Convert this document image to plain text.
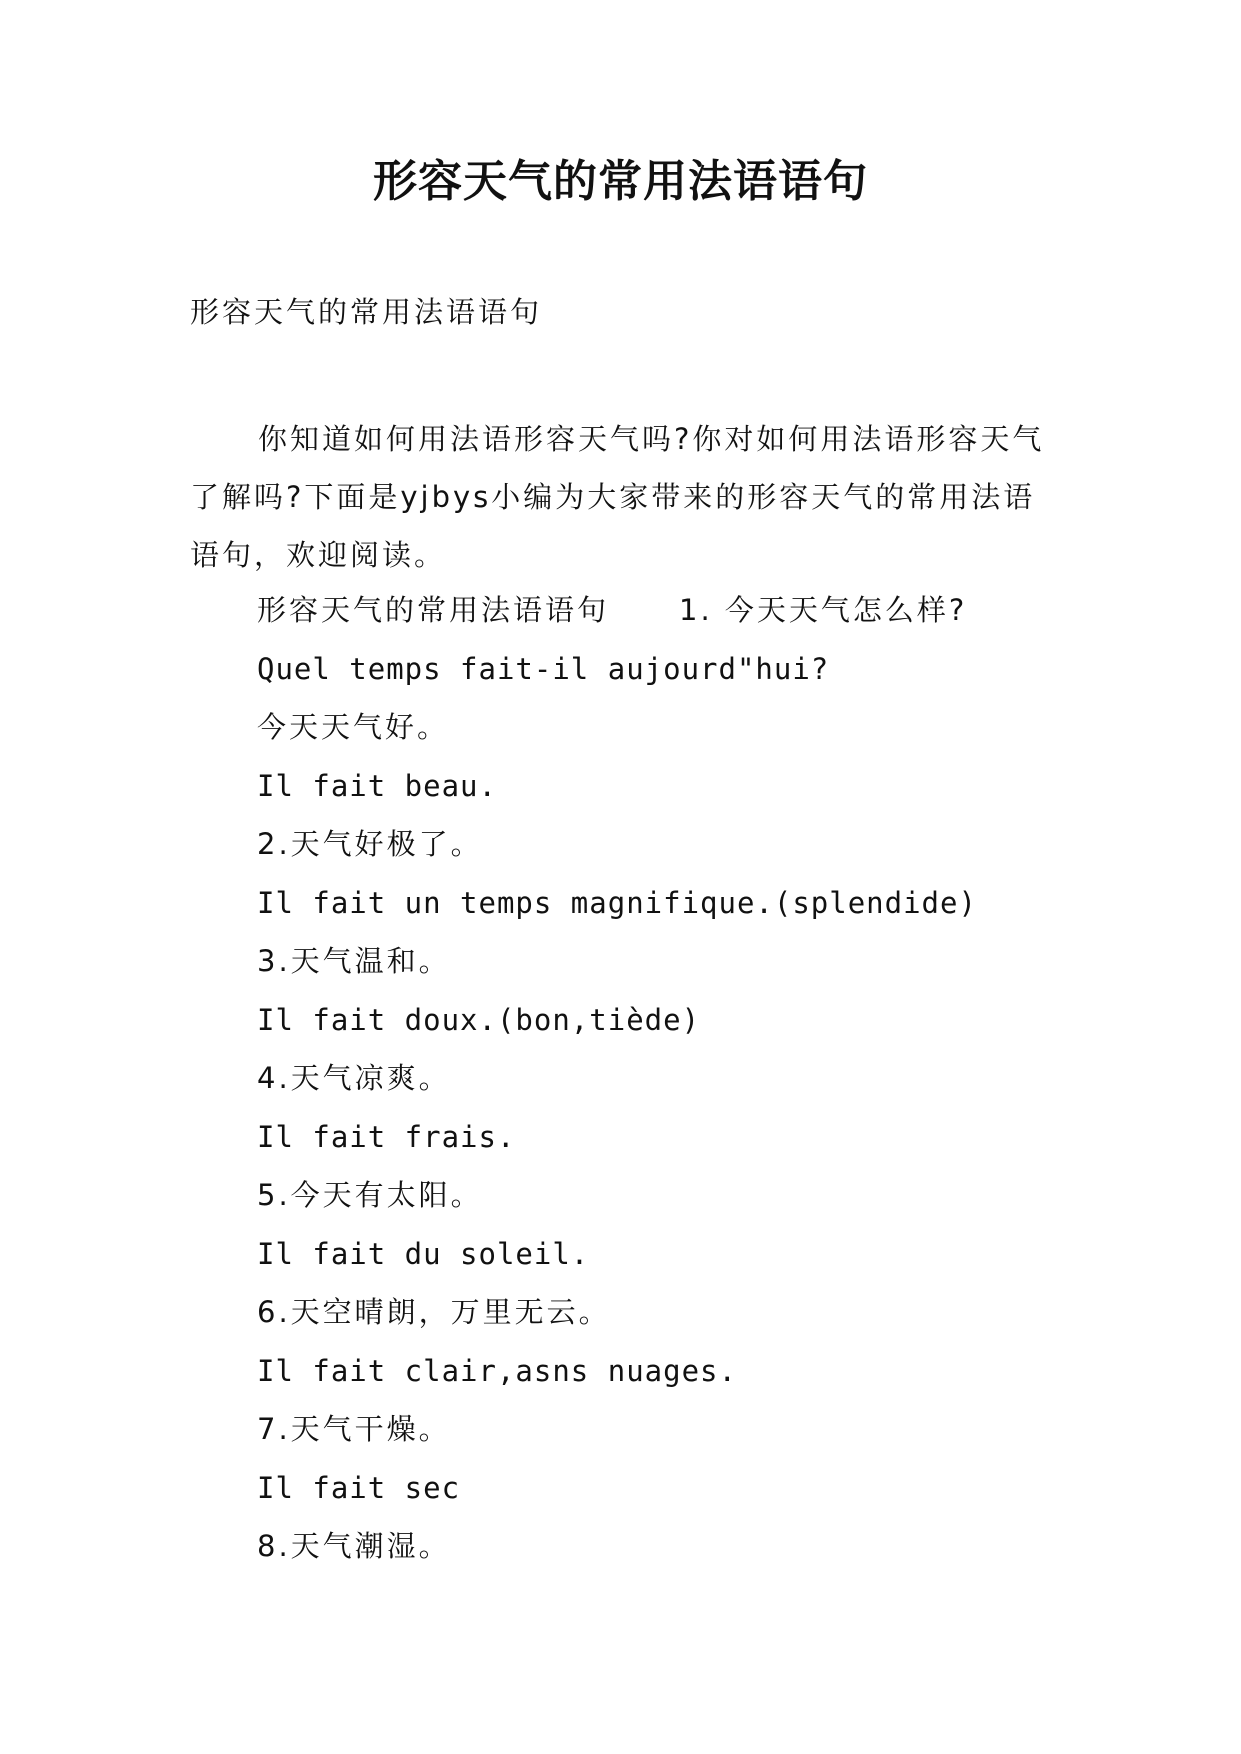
形容天气的常用法语语句
形容天气的常用法语语句

你知道如何用法语形容天气吗?你对如何用法语形容天气了解吗?下面是yjbys小编为大家带来的形容天气的常用法语语句，欢迎阅读。

形容天气的常用法语语句 1. 今天天气怎么样?
Quel temps fait-il aujourd"hui?
今天天气好。
Il fait beau.
2.天气好极了。
Il fait un temps magnifique.(splendide)
3.天气温和。
Il fait doux.(bon,tiède)
4.天气凉爽。
Il fait frais.
5.今天有太阳。
Il fait du soleil.
6.天空晴朗，万里无云。
Il fait clair,asns nuages.
7.天气干燥。
Il fait sec
8.天气潮湿。
